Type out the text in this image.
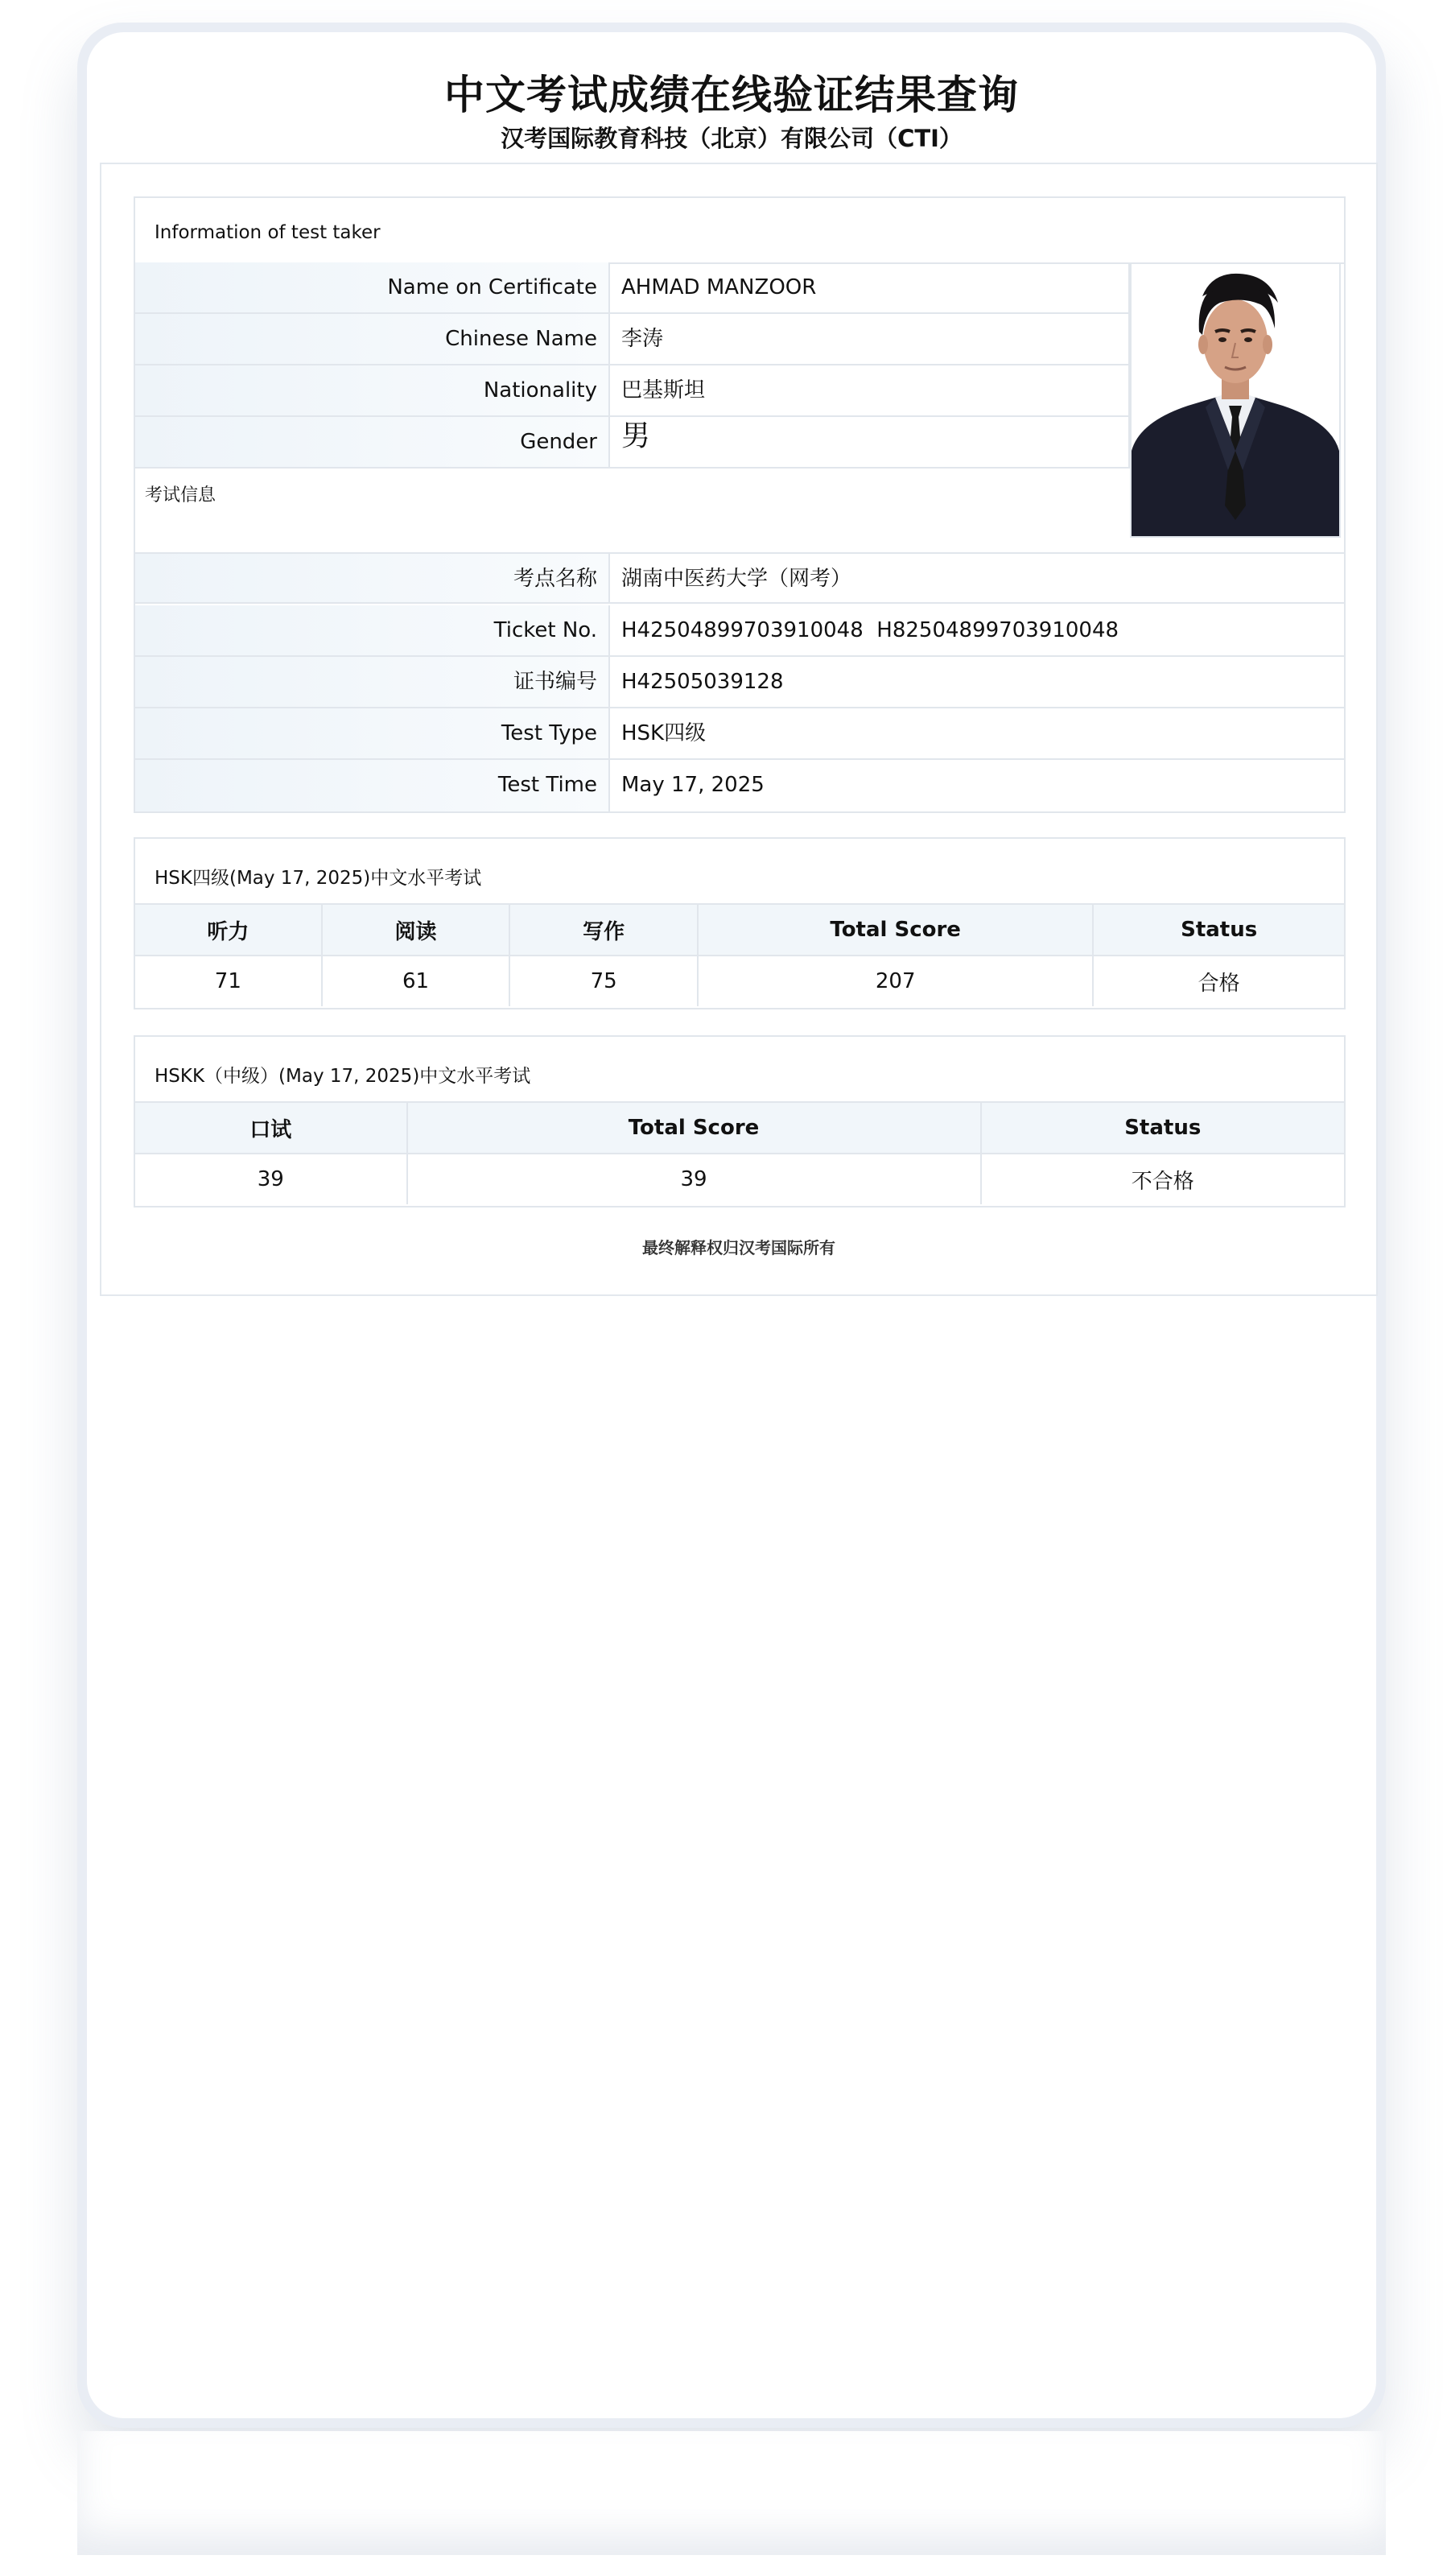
中文考试成绩在线验证结果查询
汉考国际教育科技（北京）有限公司（CTI）
Information of test taker
Name on Certificate	AHMAD MANZOOR
Chinese Name	李涛
Nationality	巴基斯坦
Gender 男
考试信息
考点名称	湖南中医药大学（网考）
Ticket No.	H42504899703910048  H82504899703910048
证书编号	H42505039128
Test Type	HSK四级
Test Time	May 17, 2025
HSK四级(May 17, 2025)中文水平考试
听力	阅读	写作	Total Score	Status
71	61	75	207	合格
HSKK（中级）(May 17, 2025)中文水平考试
口试	Total Score	Status
39	39	不合格
最终解释权归汉考国际所有
